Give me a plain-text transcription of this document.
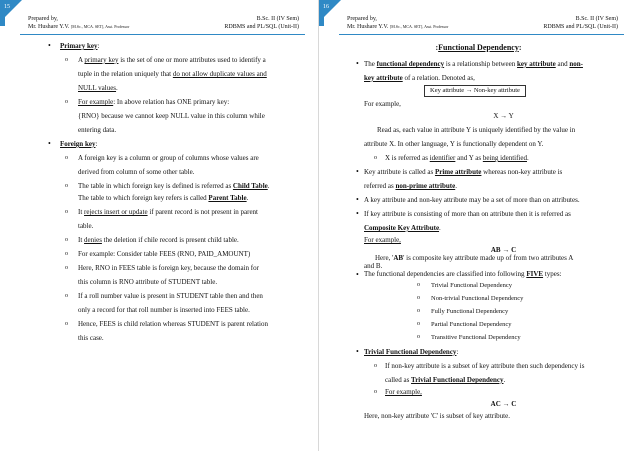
15
Prepared by,
Mr. Hushare Y.V. [M.Sc., MCA. SET], Asst. Professor
B.Sc. II (IV Sem)
RDBMS and PL/SQL (Unit-II)
• Primary key:
o A primary key is the set of one or more attributes used to identify a
tuple in the relation uniquely that do not allow duplicate values and
NULL values.
o For example: In above relation has ONE primary key:
{RNO} because we cannot keep NULL value in this column while
entering data.
• Foreign key:
o A foreign key is a column or group of columns whose values are
derived from column of some other table.
o The table in which foreign key is defined is referred as Child Table.
The table to which foreign key refers is called Parent Table.
o It rejects insert or update if parent record is not present in parent
table.
o It denies the deletion if chile record is present child table.
o For example: Consider table FEES (RNO, PAID_AMOUNT)
o Here, RNO in FEES table is foreign key, because the domain for
this column is RNO attribute of STUDENT table.
o If a roll number value is present in STUDENT table then and then
only a record for that roll number is inserted into FEES table.
o Hence, FEES is child relation whereas STUDENT is parent relation
this case.
16
Prepared by,
Mr. Hushare Y.V. [M.Sc., MCA. SET], Asst. Professor
B.Sc. II (IV Sem)
RDBMS and PL/SQL (Unit-II)
:Functional Dependency:
• The functional dependency is a relationship between key attribute and non-
key attribute of a relation. Denoted as,
Key attribute → Non-key attribute
For example,
X → Y
Read as, each value in attribute Y is uniquely identified by the value in
attribute X. In other language, Y is functionally dependent on Y.
o X is referred as identifier and Y as being identified.
• Key attribute is called as Prime attribute whereas non-key attribute is
referred as non-prime attribute.
• A key attribute and non-key attribute may be a set of more than on attributes.
• If key attribute is consisting of more than on attribute then it is referred as
Composite Key Attribute.
For example,
AB → C
Here, 'AB' is composite key attribute made up of from two attributes A
and B.
• The functional dependencies are classified into following FIVE types:
o Trivial Functional Dependency
o Non-trivial Functional Dependency
o Fully Functional Dependency
o Partial Functional Dependency
o Transitive Functional Dependency
• Trivial Functional Dependency:
o If non-key attribute is a subset of key attribute then such dependency is
called as Trivial Functional Dependency.
o For example,
AC → C
Here, non-key attribute 'C' is subset of key attribute.
